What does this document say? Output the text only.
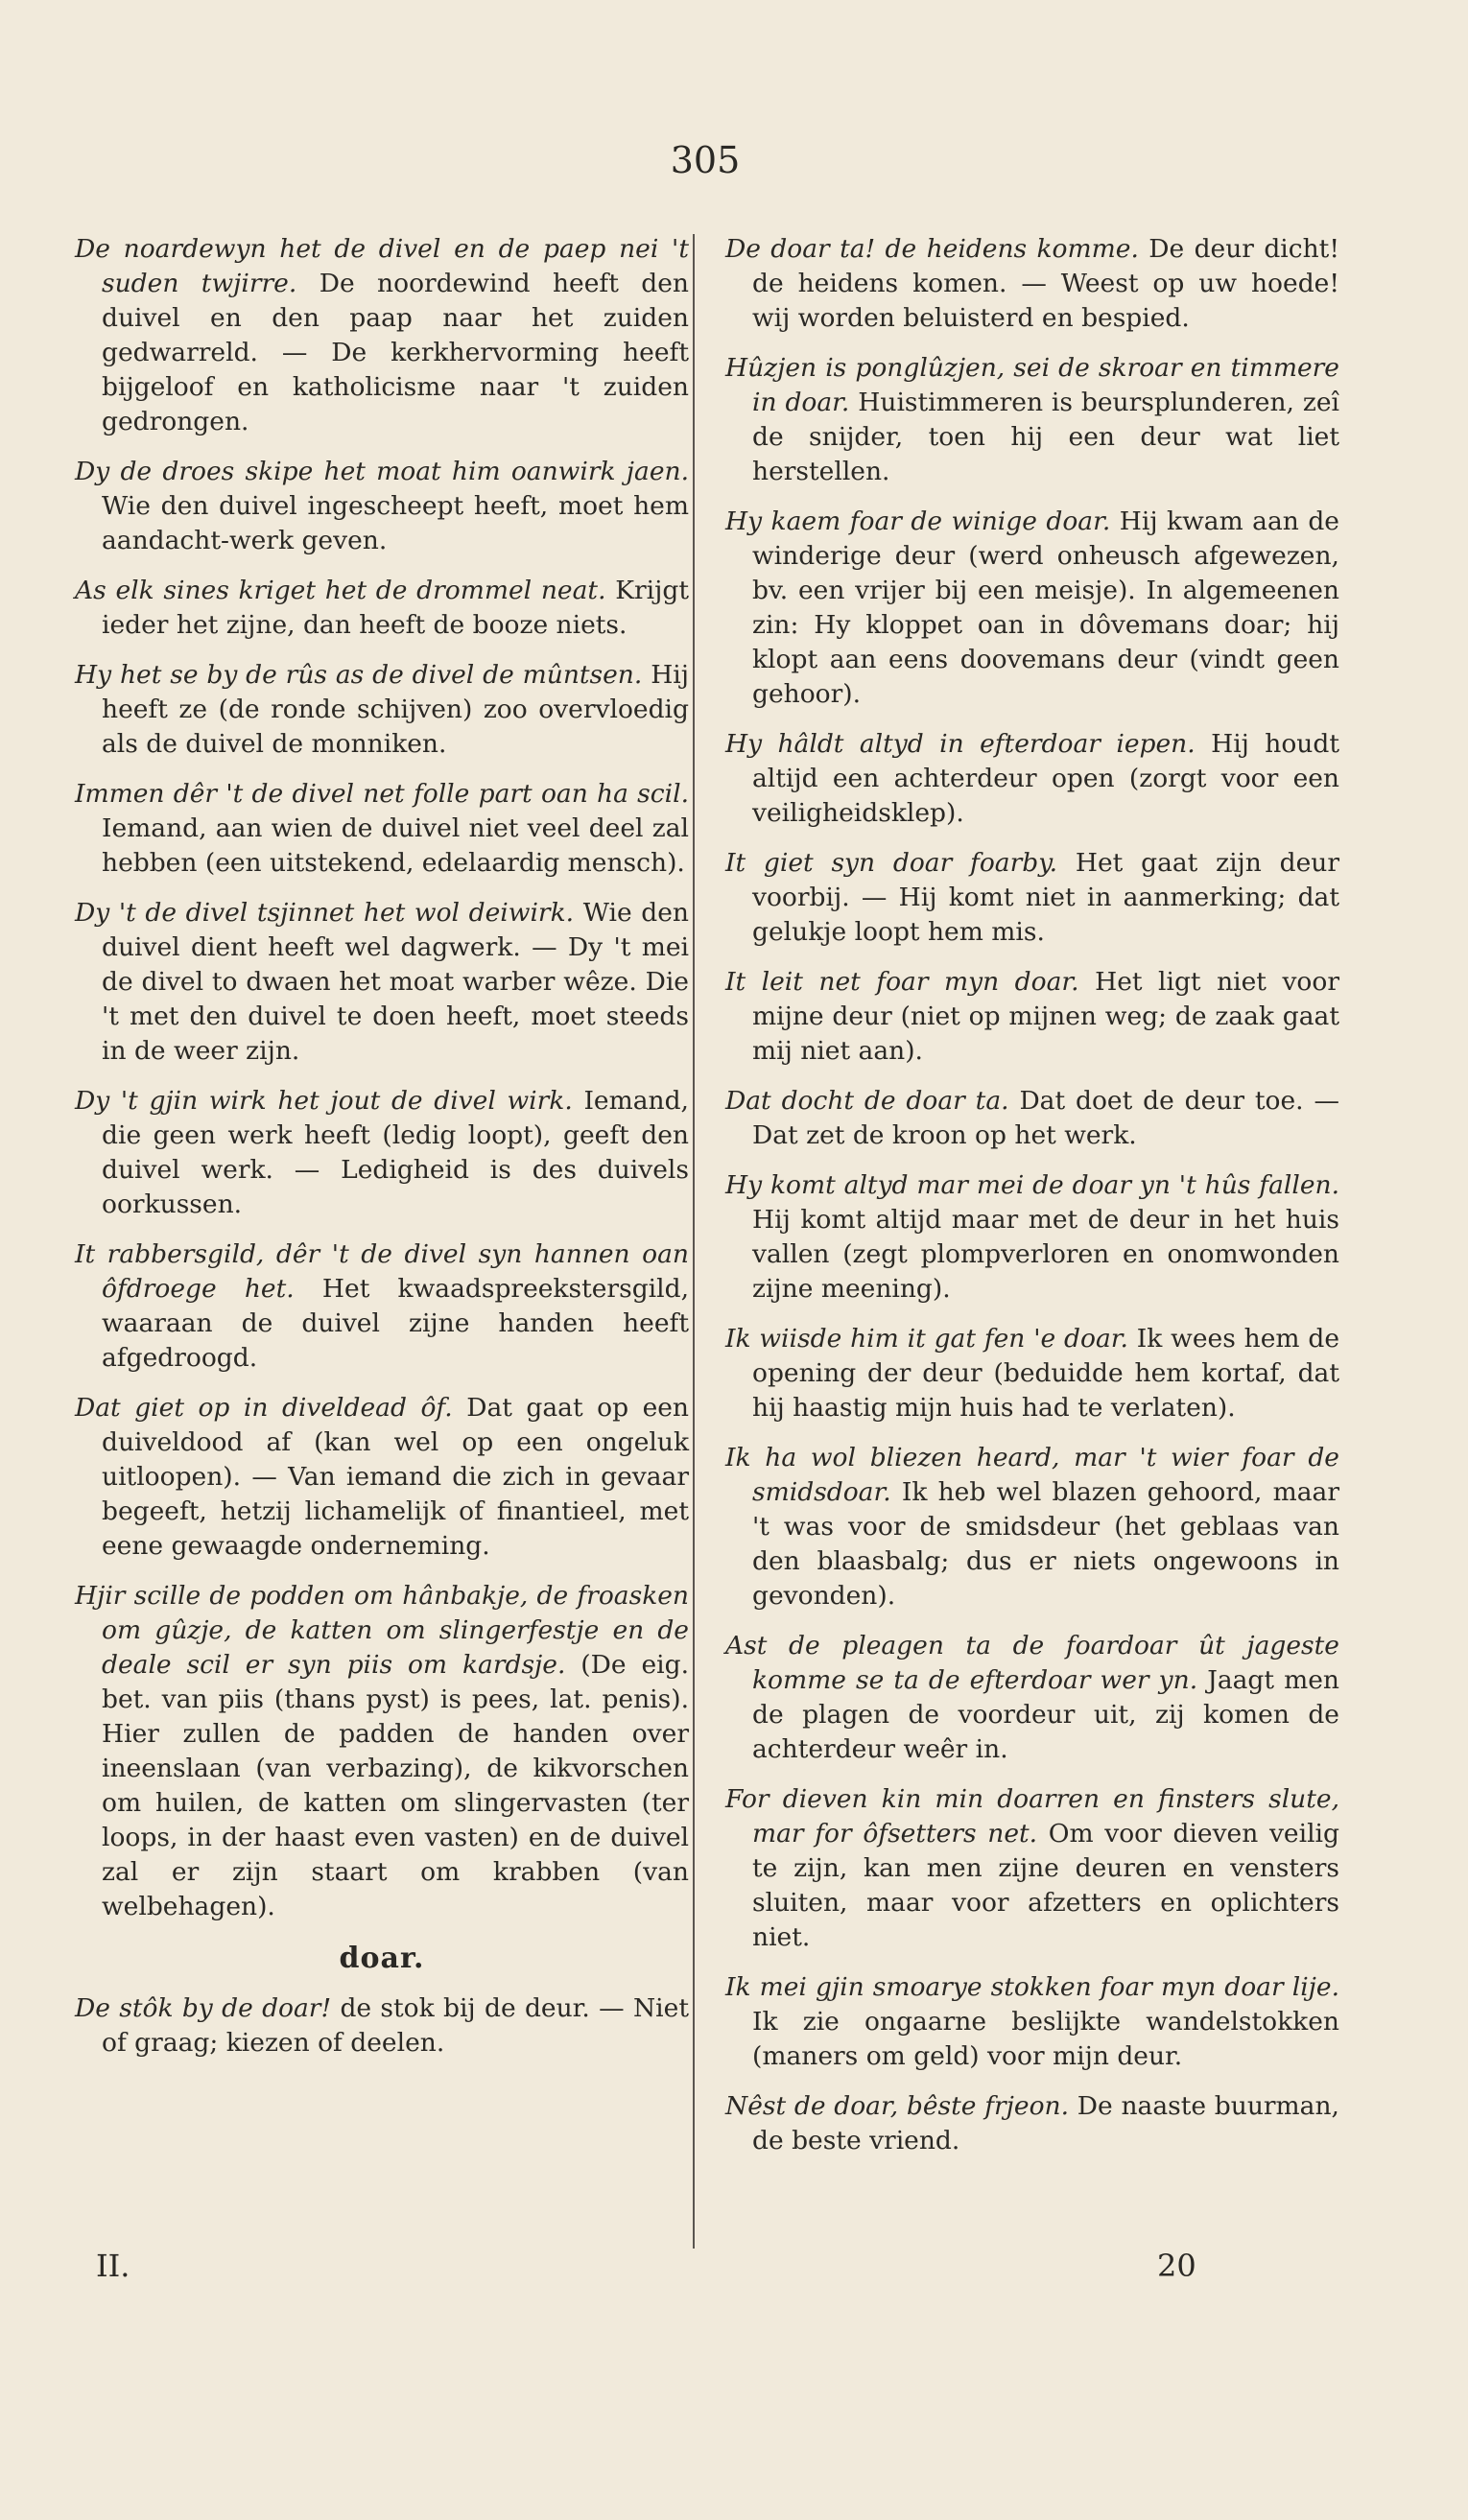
305

De noardewyn het de divel en de paep nei 't suden twjirre. De noordewind heeft den duivel en den paap naar het zuiden gedwarreld. — De kerkhervorming heeft bijgeloof en katholicisme naar 't zuiden gedrongen.

Dy de droes skipe het moat him oanwirk jaen. Wie den duivel ingescheept heeft, moet hem aandacht-werk geven.

As elk sines kriget het de drommel neat. Krijgt ieder het zijne, dan heeft de booze niets.

Hy het se by de rûs as de divel de mûntsen. Hij heeft ze (de ronde schijven) zoo overvloedig als de duivel de monniken.

Immen dêr 't de divel net folle part oan ha scil. Iemand, aan wien de duivel niet veel deel zal hebben (een uitstekend, edelaardig mensch).

Dy 't de divel tsjinnet het wol deiwirk. Wie den duivel dient heeft wel dagwerk. — Dy 't mei de divel to dwaen het moat warber wêze. Die 't met den duivel te doen heeft, moet steeds in de weer zijn.

Dy 't gjin wirk het jout de divel wirk. Iemand, die geen werk heeft (ledig loopt), geeft den duivel werk. — Ledigheid is des duivels oorkussen.

It rabbersgild, dêr 't de divel syn hannen oan ôfdroege het. Het kwaadspreekstersgild, waaraan de duivel zijne handen heeft afgedroogd.

Dat giet op in diveldead ôf. Dat gaat op een duiveldood af (kan wel op een ongeluk uitloopen). — Van iemand die zich in gevaar begeeft, hetzij lichamelijk of finantieel, met eene gewaagde onderneming.

Hjir scille de podden om hânbakje, de froasken om gûzje, de katten om slingerfestje en de deale scil er syn piis om kardsje. (De eig. bet. van piis (thans pyst) is pees, lat. penis). Hier zullen de padden de handen over ineenslaan (van verbazing), de kikvorschen om huilen, de katten om slingervasten (ter loops, in der haast even vasten) en de duivel zal er zijn staart om krabben (van welbehagen).

doar.

De stôk by de doar! de stok bij de deur. — Niet of graag; kiezen of deelen.

De doar ta! de heidens komme. De deur dicht! de heidens komen. — Weest op uw hoede! wij worden beluisterd en bespied.

Hûzjen is ponglûzjen, sei de skroar en timmere in doar. Huistimmeren is beursplunderen, zeî de snijder, toen hij een deur wat liet herstellen.

Hy kaem foar de winige doar. Hij kwam aan de winderige deur (werd onheusch afgewezen, bv. een vrijer bij een meisje). In algemeenen zin: Hy kloppet oan in dôvemans doar; hij klopt aan eens doovemans deur (vindt geen gehoor).

Hy hâldt altyd in efterdoar iepen. Hij houdt altijd een achterdeur open (zorgt voor een veiligheidsklep).

It giet syn doar foarby. Het gaat zijn deur voorbij. — Hij komt niet in aanmerking; dat gelukje loopt hem mis.

It leit net foar myn doar. Het ligt niet voor mijne deur (niet op mijnen weg; de zaak gaat mij niet aan).

Dat docht de doar ta. Dat doet de deur toe. — Dat zet de kroon op het werk.

Hy komt altyd mar mei de doar yn 't hûs fallen. Hij komt altijd maar met de deur in het huis vallen (zegt plompverloren en onomwonden zijne meening).

Ik wiisde him it gat fen 'e doar. Ik wees hem de opening der deur (beduidde hem kortaf, dat hij haastig mijn huis had te verlaten).

Ik ha wol bliezen heard, mar 't wier foar de smidsdoar. Ik heb wel blazen gehoord, maar 't was voor de smidsdeur (het geblaas van den blaasbalg; dus er niets ongewoons in gevonden).

Ast de pleagen ta de foardoar ût jageste komme se ta de efterdoar wer yn. Jaagt men de plagen de voordeur uit, zij komen de achterdeur weêr in.

For dieven kin min doarren en finsters slute, mar for ôfsetters net. Om voor dieven veilig te zijn, kan men zijne deuren en vensters sluiten, maar voor afzetters en oplichters niet.

Ik mei gjin smoarye stokken foar myn doar lije. Ik zie ongaarne beslijkte wandelstokken (maners om geld) voor mijn deur.

Nêst de doar, bêste frjeon. De naaste buurman, de beste vriend.

II.	20
